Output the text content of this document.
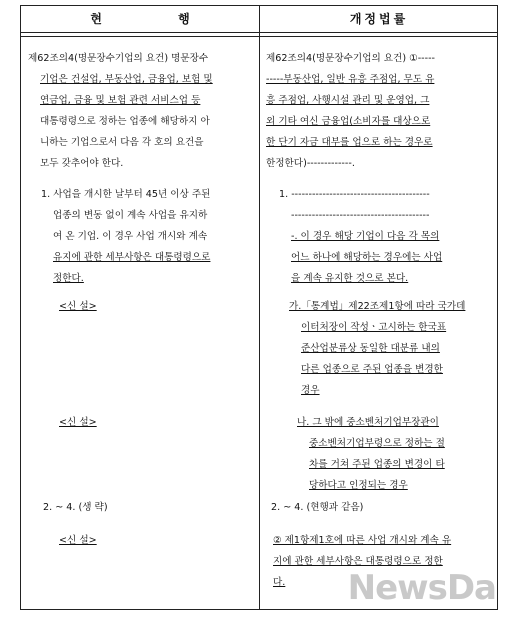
현 행	개정법률
제62조의4(명문장수기업의 요건) 명문장수
기업은 건설업, 부동산업, 금융업, 보험 및
연금업, 금융 및 보험 관련 서비스업 등
대통령령으로 정하는 업종에 해당하지 아
니하는 기업으로서 다음 각 호의 요건을
모두 갖추어야 한다.
1. 사업을 개시한 날부터 45년 이상 주된
업종의 변동 없이 계속 사업을 유지하
여 온 기업. 이 경우 사업 개시와 계속
유지에 관한 세부사항은 대통령령으로
정한다.
<신 설>
<신 설>
2. ~ 4. (생 략)
<신 설>
제62조의4(명문장수기업의 요건) ①-----
-----부동산업, 일반 유흥 주점업, 무도 유
흥 주점업, 사행시설 관리 및 운영업, 그
외 기타 여신 금융업(소비자를 대상으로
한 단기 자금 대부를 업으로 하는 경우로
한정한다)-------------.
1. ----------------------------------------
----------------------------------------
-. 이 경우 해당 기업이 다음 각 목의
어느 하나에 해당하는 경우에는 사업
을 계속 유지한 것으로 본다.
가.「통계법」제22조제1항에 따라 국가데
이터처장이 작성ㆍ고시하는 한국표
준산업분류상 동일한 대분류 내의
다른 업종으로 주된 업종을 변경한
경우
나. 그 밖에 중소벤처기업부장관이
중소벤처기업부령으로 정하는 절
차를 거쳐 주된 업종의 변경이 타
당하다고 인정되는 경우
2. ~ 4. (현행과 같음)
② 제1항제1호에 따른 사업 개시와 계속 유
지에 관한 세부사항은 대통령령으로 정한
다.	NewsDa
